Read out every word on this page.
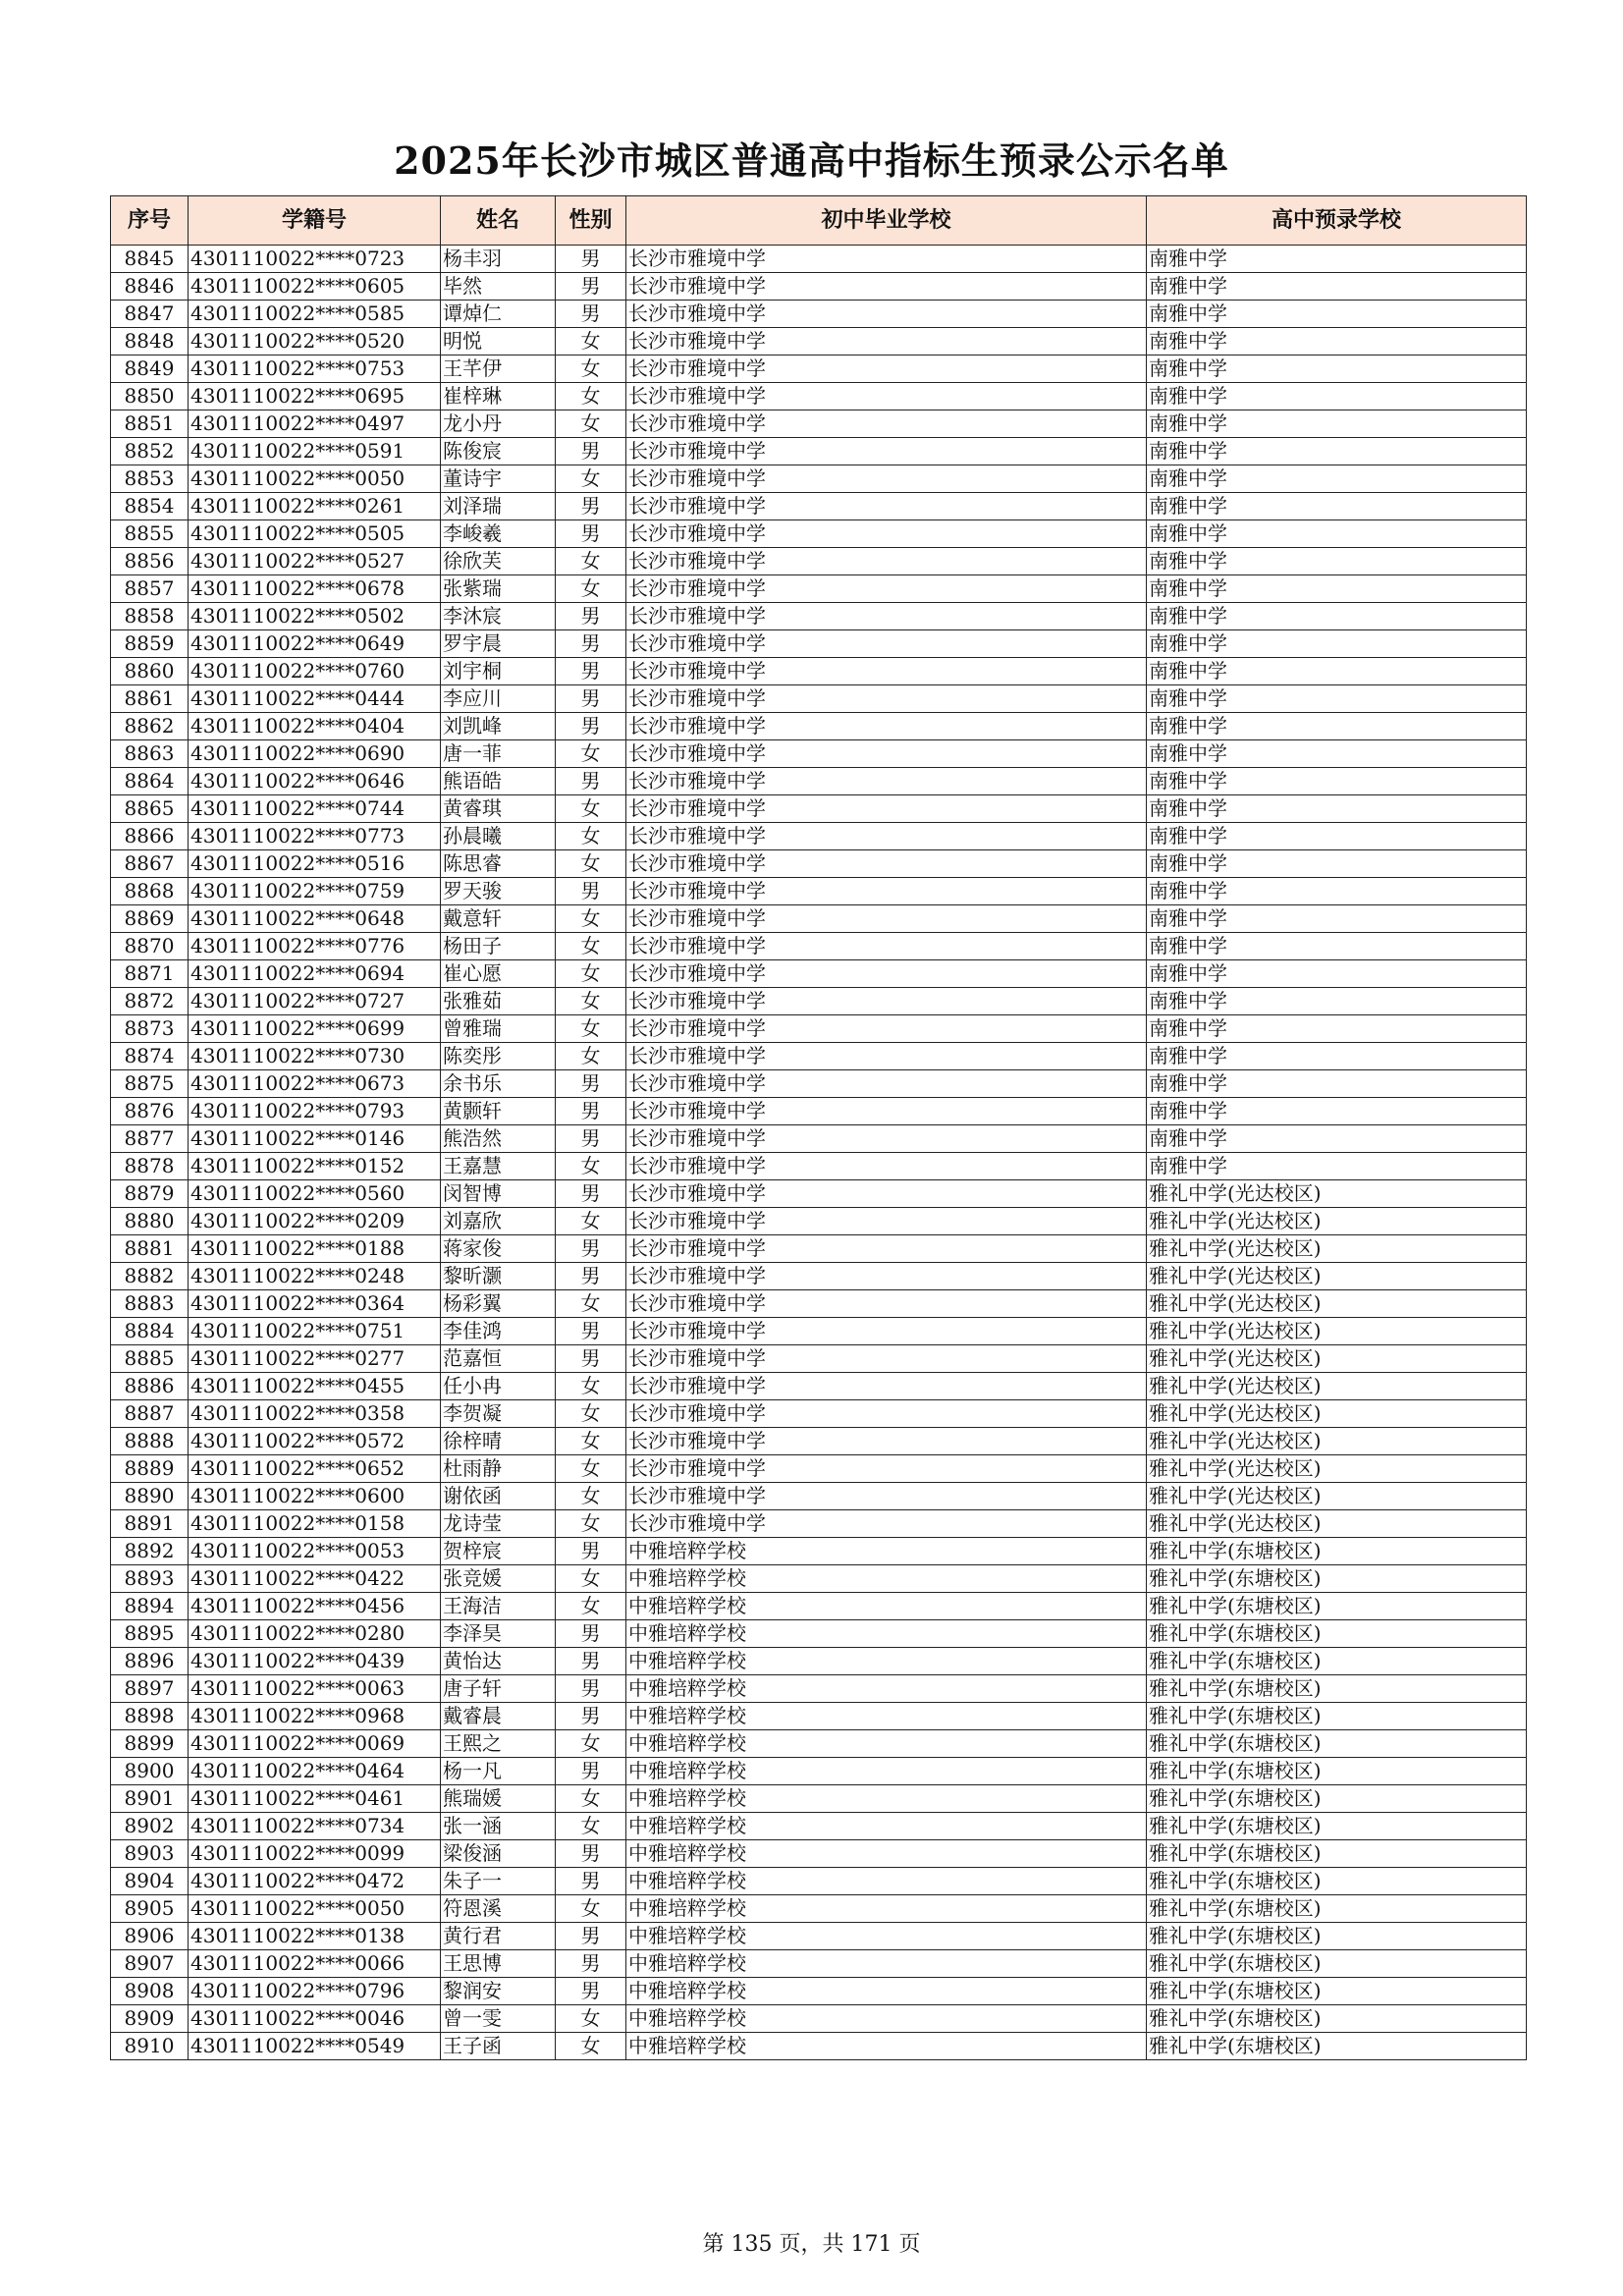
2025年长沙市城区普通高中指标生预录公示名单
序号	学籍号	姓名	性别	初中毕业学校	高中预录学校
8845	4301110022****0723	杨丰羽	男	长沙市雅境中学	南雅中学
8846	4301110022****0605	毕然	男	长沙市雅境中学	南雅中学
8847	4301110022****0585	谭焯仁	男	长沙市雅境中学	南雅中学
8848	4301110022****0520	明悦	女	长沙市雅境中学	南雅中学
8849	4301110022****0753	王芊伊	女	长沙市雅境中学	南雅中学
8850	4301110022****0695	崔梓琳	女	长沙市雅境中学	南雅中学
8851	4301110022****0497	龙小丹	女	长沙市雅境中学	南雅中学
8852	4301110022****0591	陈俊宸	男	长沙市雅境中学	南雅中学
8853	4301110022****0050	董诗宇	女	长沙市雅境中学	南雅中学
8854	4301110022****0261	刘泽瑞	男	长沙市雅境中学	南雅中学
8855	4301110022****0505	李峻羲	男	长沙市雅境中学	南雅中学
8856	4301110022****0527	徐欣芙	女	长沙市雅境中学	南雅中学
8857	4301110022****0678	张紫瑞	女	长沙市雅境中学	南雅中学
8858	4301110022****0502	李沐宸	男	长沙市雅境中学	南雅中学
8859	4301110022****0649	罗宇晨	男	长沙市雅境中学	南雅中学
8860	4301110022****0760	刘宇桐	男	长沙市雅境中学	南雅中学
8861	4301110022****0444	李应川	男	长沙市雅境中学	南雅中学
8862	4301110022****0404	刘凯峰	男	长沙市雅境中学	南雅中学
8863	4301110022****0690	唐一菲	女	长沙市雅境中学	南雅中学
8864	4301110022****0646	熊语皓	男	长沙市雅境中学	南雅中学
8865	4301110022****0744	黄睿琪	女	长沙市雅境中学	南雅中学
8866	4301110022****0773	孙晨曦	女	长沙市雅境中学	南雅中学
8867	4301110022****0516	陈思睿	女	长沙市雅境中学	南雅中学
8868	4301110022****0759	罗天骏	男	长沙市雅境中学	南雅中学
8869	4301110022****0648	戴意轩	女	长沙市雅境中学	南雅中学
8870	4301110022****0776	杨田子	女	长沙市雅境中学	南雅中学
8871	4301110022****0694	崔心愿	女	长沙市雅境中学	南雅中学
8872	4301110022****0727	张雅茹	女	长沙市雅境中学	南雅中学
8873	4301110022****0699	曾雅瑞	女	长沙市雅境中学	南雅中学
8874	4301110022****0730	陈奕彤	女	长沙市雅境中学	南雅中学
8875	4301110022****0673	余书乐	男	长沙市雅境中学	南雅中学
8876	4301110022****0793	黄颢轩	男	长沙市雅境中学	南雅中学
8877	4301110022****0146	熊浩然	男	长沙市雅境中学	南雅中学
8878	4301110022****0152	王嘉慧	女	长沙市雅境中学	南雅中学
8879	4301110022****0560	闵智博	男	长沙市雅境中学	雅礼中学(光达校区)
8880	4301110022****0209	刘嘉欣	女	长沙市雅境中学	雅礼中学(光达校区)
8881	4301110022****0188	蒋家俊	男	长沙市雅境中学	雅礼中学(光达校区)
8882	4301110022****0248	黎昕灏	男	长沙市雅境中学	雅礼中学(光达校区)
8883	4301110022****0364	杨彩翼	女	长沙市雅境中学	雅礼中学(光达校区)
8884	4301110022****0751	李佳鸿	男	长沙市雅境中学	雅礼中学(光达校区)
8885	4301110022****0277	范嘉恒	男	长沙市雅境中学	雅礼中学(光达校区)
8886	4301110022****0455	任小冉	女	长沙市雅境中学	雅礼中学(光达校区)
8887	4301110022****0358	李贺凝	女	长沙市雅境中学	雅礼中学(光达校区)
8888	4301110022****0572	徐梓晴	女	长沙市雅境中学	雅礼中学(光达校区)
8889	4301110022****0652	杜雨静	女	长沙市雅境中学	雅礼中学(光达校区)
8890	4301110022****0600	谢依函	女	长沙市雅境中学	雅礼中学(光达校区)
8891	4301110022****0158	龙诗莹	女	长沙市雅境中学	雅礼中学(光达校区)
8892	4301110022****0053	贺梓宸	男	中雅培粹学校	雅礼中学(东塘校区)
8893	4301110022****0422	张竞媛	女	中雅培粹学校	雅礼中学(东塘校区)
8894	4301110022****0456	王海洁	女	中雅培粹学校	雅礼中学(东塘校区)
8895	4301110022****0280	李泽昊	男	中雅培粹学校	雅礼中学(东塘校区)
8896	4301110022****0439	黄怡达	男	中雅培粹学校	雅礼中学(东塘校区)
8897	4301110022****0063	唐子轩	男	中雅培粹学校	雅礼中学(东塘校区)
8898	4301110022****0968	戴睿晨	男	中雅培粹学校	雅礼中学(东塘校区)
8899	4301110022****0069	王熙之	女	中雅培粹学校	雅礼中学(东塘校区)
8900	4301110022****0464	杨一凡	男	中雅培粹学校	雅礼中学(东塘校区)
8901	4301110022****0461	熊瑞媛	女	中雅培粹学校	雅礼中学(东塘校区)
8902	4301110022****0734	张一涵	女	中雅培粹学校	雅礼中学(东塘校区)
8903	4301110022****0099	梁俊涵	男	中雅培粹学校	雅礼中学(东塘校区)
8904	4301110022****0472	朱子一	男	中雅培粹学校	雅礼中学(东塘校区)
8905	4301110022****0050	符恩溪	女	中雅培粹学校	雅礼中学(东塘校区)
8906	4301110022****0138	黄行君	男	中雅培粹学校	雅礼中学(东塘校区)
8907	4301110022****0066	王思博	男	中雅培粹学校	雅礼中学(东塘校区)
8908	4301110022****0796	黎润安	男	中雅培粹学校	雅礼中学(东塘校区)
8909	4301110022****0046	曾一雯	女	中雅培粹学校	雅礼中学(东塘校区)
8910	4301110022****0549	王子函	女	中雅培粹学校	雅礼中学(东塘校区)
第 135 页，共 171 页
